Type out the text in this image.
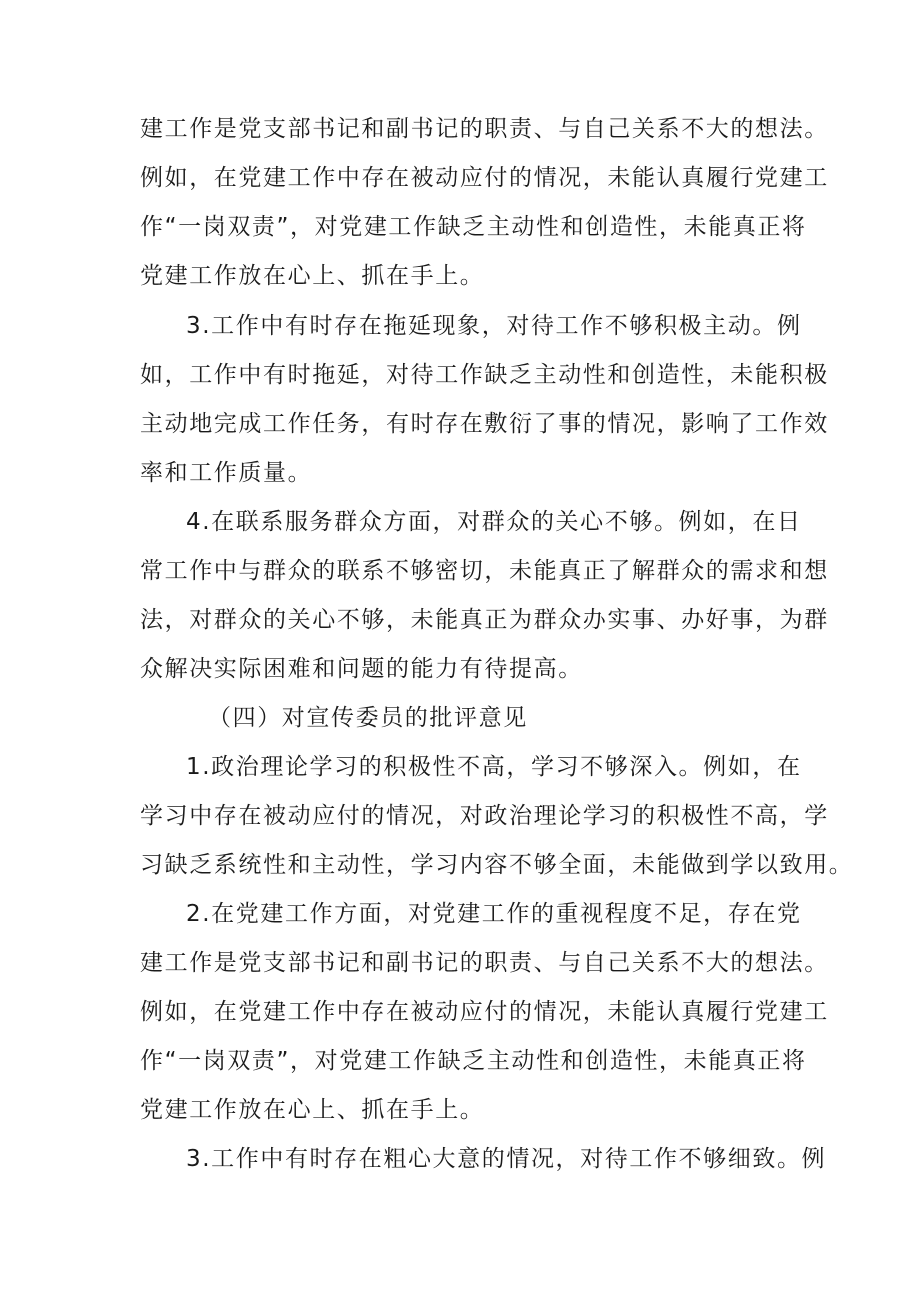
建工作是党支部书记和副书记的职责、与自己关系不大的想法。
例如，在党建工作中存在被动应付的情况，未能认真履行党建工
作“一岗双责”，对党建工作缺乏主动性和创造性，未能真正将
党建工作放在心上、抓在手上。
3.工作中有时存在拖延现象，对待工作不够积极主动。例
如，工作中有时拖延，对待工作缺乏主动性和创造性，未能积极
主动地完成工作任务，有时存在敷衍了事的情况，影响了工作效
率和工作质量。
4.在联系服务群众方面，对群众的关心不够。例如，在日
常工作中与群众的联系不够密切，未能真正了解群众的需求和想
法，对群众的关心不够，未能真正为群众办实事、办好事，为群
众解决实际困难和问题的能力有待提高。
（四）对宣传委员的批评意见
1.政治理论学习的积极性不高，学习不够深入。例如，在
学习中存在被动应付的情况，对政治理论学习的积极性不高，学
习缺乏系统性和主动性，学习内容不够全面，未能做到学以致用。
2.在党建工作方面，对党建工作的重视程度不足，存在党
建工作是党支部书记和副书记的职责、与自己关系不大的想法。
例如，在党建工作中存在被动应付的情况，未能认真履行党建工
作“一岗双责”，对党建工作缺乏主动性和创造性，未能真正将
党建工作放在心上、抓在手上。
3.工作中有时存在粗心大意的情况，对待工作不够细致。例
